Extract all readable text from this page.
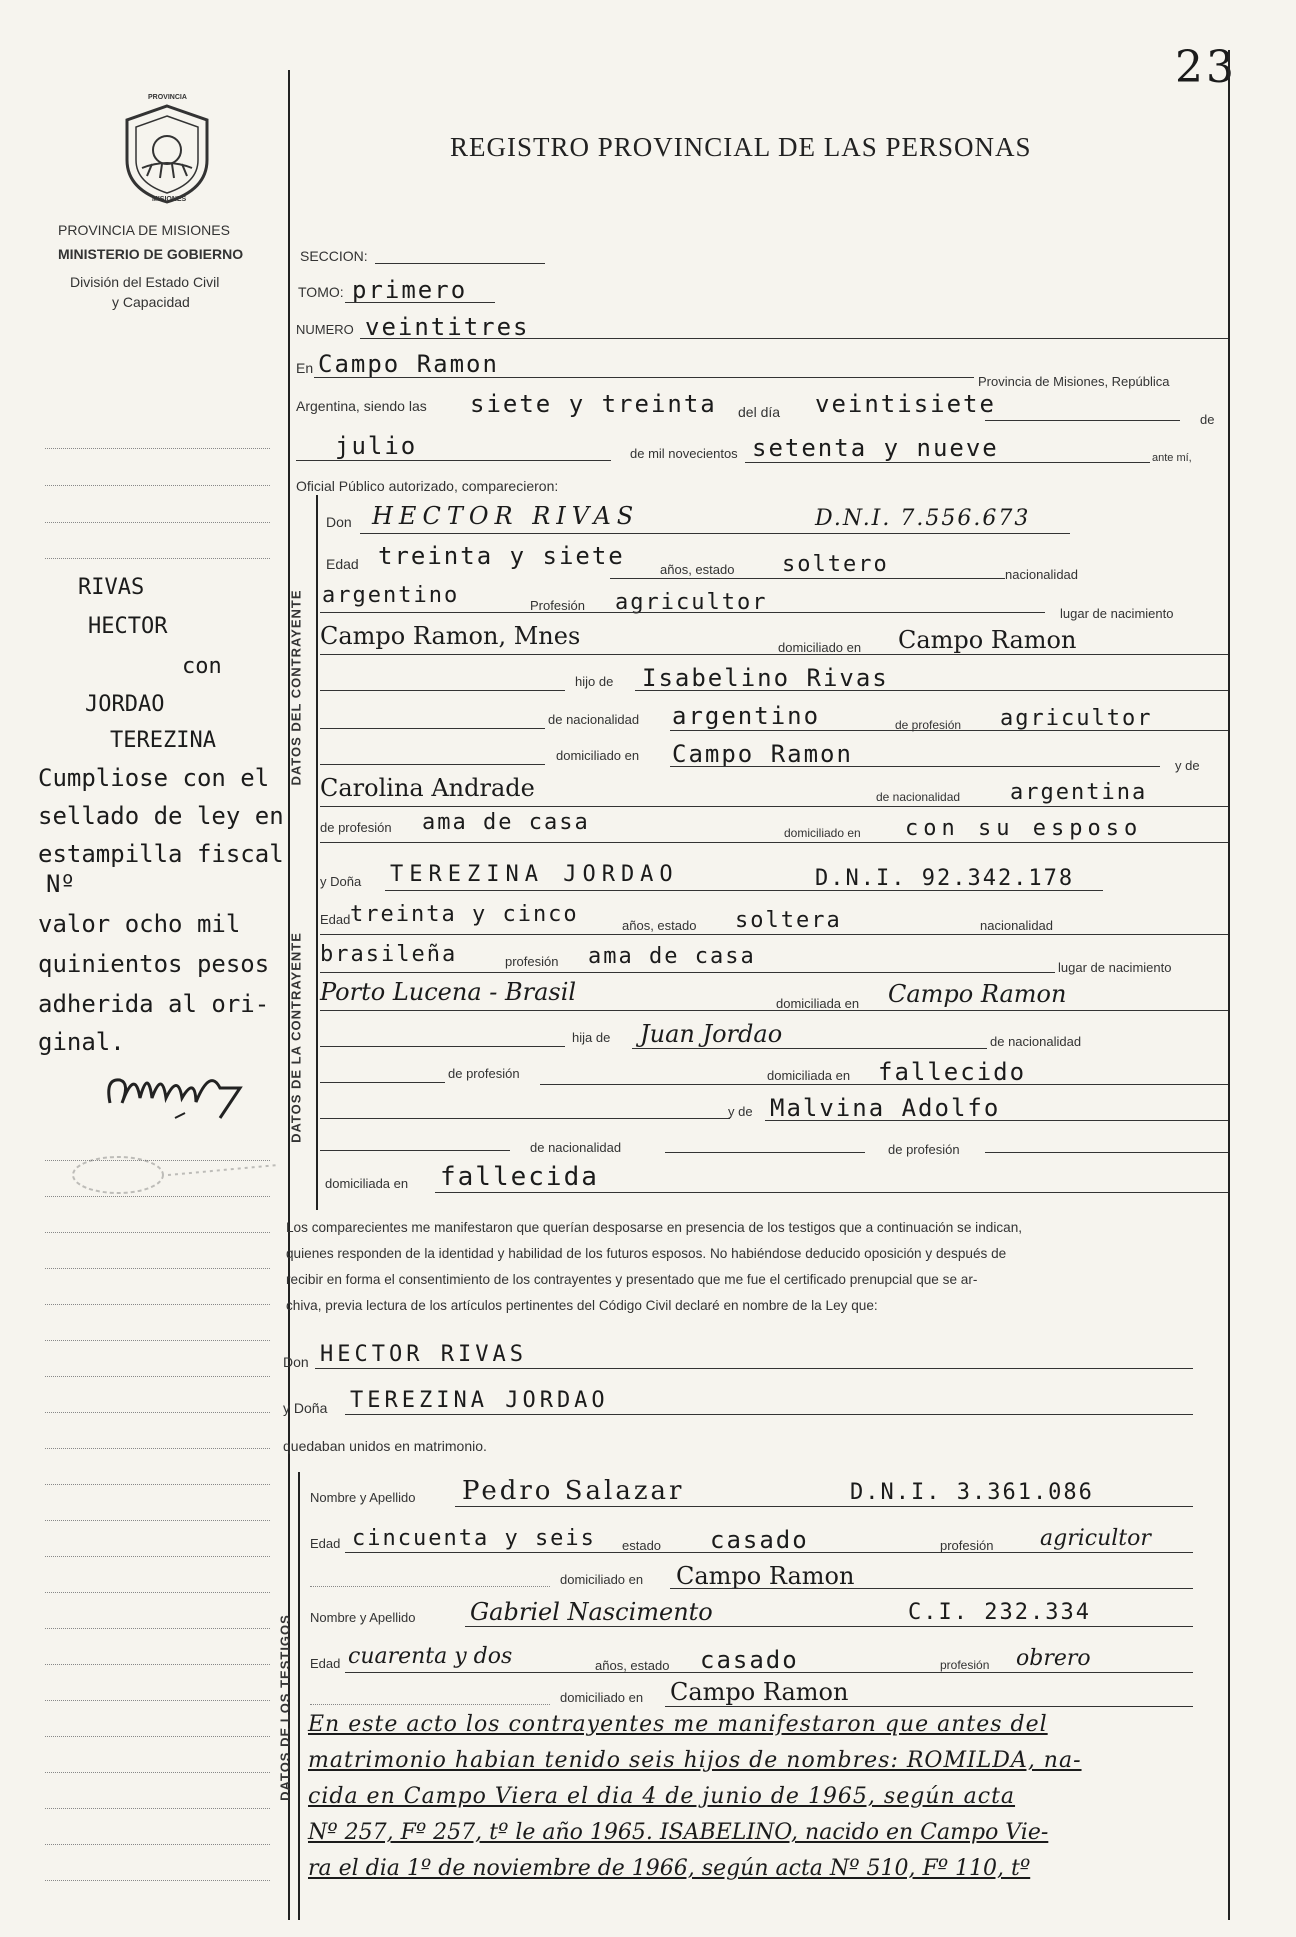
23
PROVINCIA
MISIONES
PROVINCIA DE MISIONES
MINISTERIO DE GOBIERNO
División del Estado Civil
y Capacidad
REGISTRO PROVINCIAL DE LAS PERSONAS
RIVAS
HECTOR
con
JORDAO
TEREZINA
Cumpliose con el
sellado de ley en
estampilla fiscal
Nº
valor ocho mil
quinientos pesos
adherida al ori-
ginal.
SECCION:
TOMO: primero
NUMERO veintitres
En Campo Ramon
Provincia de Misiones, República
Argentina, siendo las siete y treinta del día veintisiete
de
julio	de mil novecientos setenta y nueve	ante mí,
Oficial Público autorizado, comparecieron:
DATOS DEL CONTRAYENTE
Don HECTOR RIVAS	D.N.I. 7.556.673
Edad treinta y siete	años, estado soltero	nacionalidad
argentino	Profesión agricultor	lugar de nacimiento
Campo Ramon, Mnes	domiciliado en Campo Ramon
hijo de Isabelino Rivas
de nacionalidad argentino	de profesión agricultor
domiciliado en Campo Ramon	y de
Carolina Andrade	de nacionalidad argentina
de profesión ama de casa	domiciliado en con su esposo
DATOS DE LA CONTRAYENTE
y Doña TEREZINA JORDAO	D.N.I. 92.342.178
Edad treinta y cinco	años, estado soltera	nacionalidad
brasileña	profesión ama de casa	lugar de nacimiento
Porto Lucena - Brasil	domiciliada en Campo Ramon
hija de Juan Jordao	de nacionalidad
de profesión	domiciliada en fallecido
y de Malvina Adolfo
de nacionalidad	de profesión
domiciliada en fallecida
Los comparecientes me manifestaron que querían desposarse en presencia de los testigos que a continuación se indican,
quienes responden de la identidad y habilidad de los futuros esposos. No habiéndose deducido oposición y después de
recibir en forma el consentimiento de los contrayentes y presentado que me fue el certificado prenupcial que se ar-
chiva, previa lectura de los artículos pertinentes del Código Civil declaré en nombre de la Ley que:
Don HECTOR RIVAS
y Doña TEREZINA JORDAO
quedaban unidos en matrimonio.
DATOS DE LOS TESTIGOS
Nombre y Apellido Pedro Salazar	D.N.I. 3.361.086
Edad cincuenta y seis estado casado	profesión agricultor
domiciliado en Campo Ramon
Nombre y Apellido Gabriel Nascimento	C.I. 232.334
Edad cuarenta y dos	años, estado casado	profesión obrero
domiciliado en Campo Ramon
En este acto los contrayentes me manifestaron que antes del
matrimonio habian tenido seis hijos de nombres: ROMILDA, na-
cida en Campo Viera el dia 4 de junio de 1965, según acta
Nº 257, Fº 257, tº le año 1965. ISABELINO, nacido en Campo Vie-
ra el dia 1º de noviembre de 1966, según acta Nº 510, Fº 110, tº
